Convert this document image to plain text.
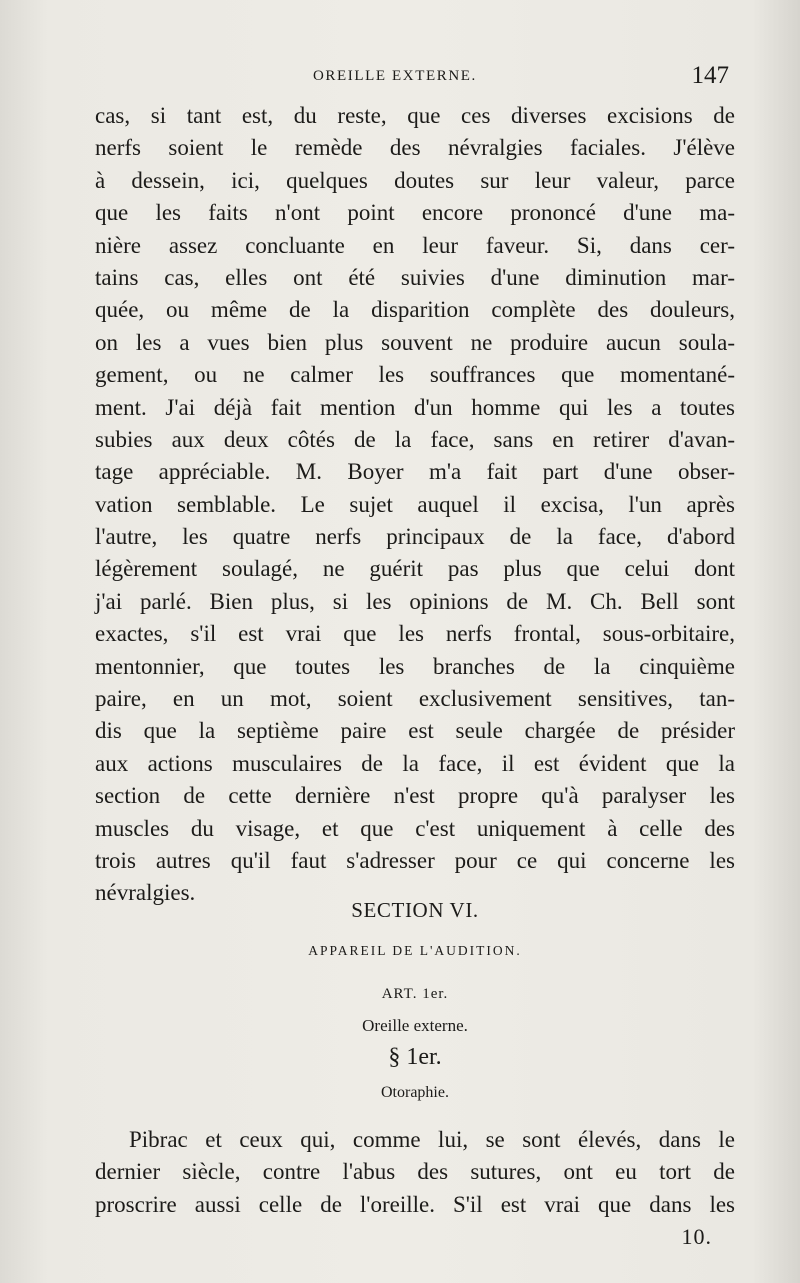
OREILLE EXTERNE.	147
cas, si tant est, du reste, que ces diverses excisions de
nerfs soient le remède des névralgies faciales. J'élève
à dessein, ici, quelques doutes sur leur valeur, parce
que les faits n'ont point encore prononcé d'une ma-
nière assez concluante en leur faveur. Si, dans cer-
tains cas, elles ont été suivies d'une diminution mar-
quée, ou même de la disparition complète des douleurs,
on les a vues bien plus souvent ne produire aucun soula-
gement, ou ne calmer les souffrances que momentané-
ment. J'ai déjà fait mention d'un homme qui les a toutes
subies aux deux côtés de la face, sans en retirer d'avan-
tage appréciable. M. Boyer m'a fait part d'une obser-
vation semblable. Le sujet auquel il excisa, l'un après
l'autre, les quatre nerfs principaux de la face, d'abord
légèrement soulagé, ne guérit pas plus que celui dont
j'ai parlé. Bien plus, si les opinions de M. Ch. Bell sont
exactes, s'il est vrai que les nerfs frontal, sous-orbitaire,
mentonnier, que toutes les branches de la cinquième
paire, en un mot, soient exclusivement sensitives, tan-
dis que la septième paire est seule chargée de présider
aux actions musculaires de la face, il est évident que la
section de cette dernière n'est propre qu'à paralyser les
muscles du visage, et que c'est uniquement à celle des
trois autres qu'il faut s'adresser pour ce qui concerne les
névralgies.
SECTION VI.
APPAREIL DE L'AUDITION.
ART. 1er.
Oreille externe.
§ 1er.
Otoraphie.
Pibrac et ceux qui, comme lui, se sont élevés, dans le
dernier siècle, contre l'abus des sutures, ont eu tort de
proscrire aussi celle de l'oreille. S'il est vrai que dans les
10.
